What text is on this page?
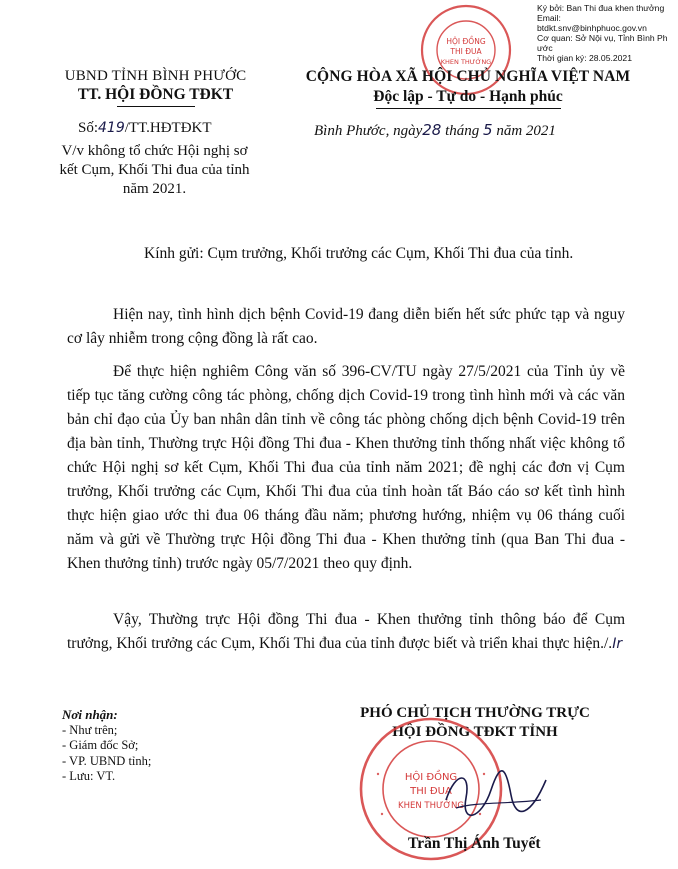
HỘI ĐỒNG
THI ĐUA
KHEN THƯỞNG
Ký bởi: Ban Thi đua khen thưởng
Email:
btdkt.snv@binhphuoc.gov.vn
Cơ quan: Sở Nội vụ, Tỉnh Bình Phước
Thời gian ký: 28.05.2021
UBND TỈNH BÌNH PHƯỚC
TT. HỘI ĐỒNG TĐKT
CỘNG HÒA XÃ HỘI CHỦ NGHĨA VIỆT NAM
Độc lập - Tự do - Hạnh phúc
Số:419/TT.HĐTĐKT
V/v không tổ chức Hội nghị sơ kết Cụm, Khối Thi đua của tỉnh năm 2021.
Bình Phước, ngày28 tháng 5 năm 2021
Kính gửi: Cụm trưởng, Khối trưởng các Cụm, Khối Thi đua của tỉnh.
Hiện nay, tình hình dịch bệnh Covid-19 đang diễn biến hết sức phức tạp và nguy cơ lây nhiễm trong cộng đồng là rất cao.
Để thực hiện nghiêm Công văn số 396-CV/TU ngày 27/5/2021 của Tỉnh ủy về tiếp tục tăng cường công tác phòng, chống dịch Covid-19 trong tình hình mới và các văn bản chỉ đạo của Ủy ban nhân dân tỉnh về công tác phòng chống dịch bệnh Covid-19 trên địa bàn tỉnh, Thường trực Hội đồng Thi đua - Khen thưởng tỉnh thống nhất việc không tổ chức Hội nghị sơ kết Cụm, Khối Thi đua của tỉnh năm 2021; đề nghị các đơn vị Cụm trưởng, Khối trưởng các Cụm, Khối Thi đua của tỉnh hoàn tất Báo cáo sơ kết tình hình thực hiện giao ước thi đua 06 tháng đầu năm; phương hướng, nhiệm vụ 06 tháng cuối năm và gửi về Thường trực Hội đồng Thi đua - Khen thưởng tỉnh (qua Ban Thi đua - Khen thưởng tỉnh) trước ngày 05/7/2021 theo quy định.
Vậy, Thường trực Hội đồng Thi đua - Khen thưởng tỉnh thông báo để Cụm trưởng, Khối trưởng các Cụm, Khối Thi đua của tỉnh được biết và triển khai thực hiện./.Ir
Nơi nhận:
- Như trên;
- Giám đốc Sở;
- VP. UBND tỉnh;
- Lưu: VT.
PHÓ CHỦ TỊCH THƯỜNG TRỰC
HỘI ĐỒNG TĐKT TỈNH
HỘI ĐỒNG
THI ĐUA
KHEN THƯỞNG
Trần Thị Ánh Tuyết
